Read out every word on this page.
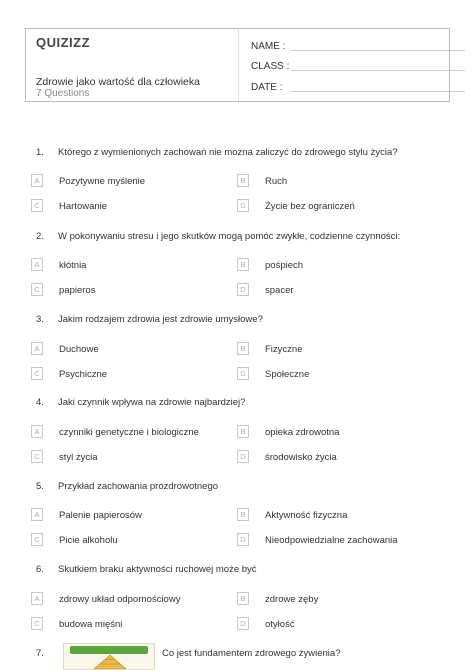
QUIZIZZ
Zdrowie jako wartość dla człowieka
7 Questions
NAME :
CLASS :
DATE :
1. Którego z wymienionych zachowań nie można zaliczyć do zdrowego stylu życia?
A	Pozytywne myślenie	B	Ruch
C	Hartowanie	D	Życie bez ograniczeń
2. W pokonywaniu stresu i jego skutków mogą pomóc zwykłe, codzienne czynności:
A	kłótnia	B	pośpiech
C	papieros	D	spacer
3. Jakim rodzajem zdrowia jest zdrowie umysłowe?
A	Duchowe	B	Fizyczne
C	Psychiczne	D	Społeczne
4. Jaki czynnik wpływa na zdrowie najbardziej?
A	czynniki genetyczne i biologiczne	B	opieka zdrowotna
C	styl życia	D	środowisko życia
5. Przykład zachowania prozdrowotnego
A	Palenie papierosów	B	Aktywność fizyczna
C	Picie alkoholu	D	Nieodpowiedzialne zachowania
6. Skutkiem braku aktywności ruchowej może być
A	zdrowy układ odpornościowy	B	zdrowe zęby
C	budowa mięśni	D	otyłość
7.	Co jest fundamentem zdrowego żywienia?
